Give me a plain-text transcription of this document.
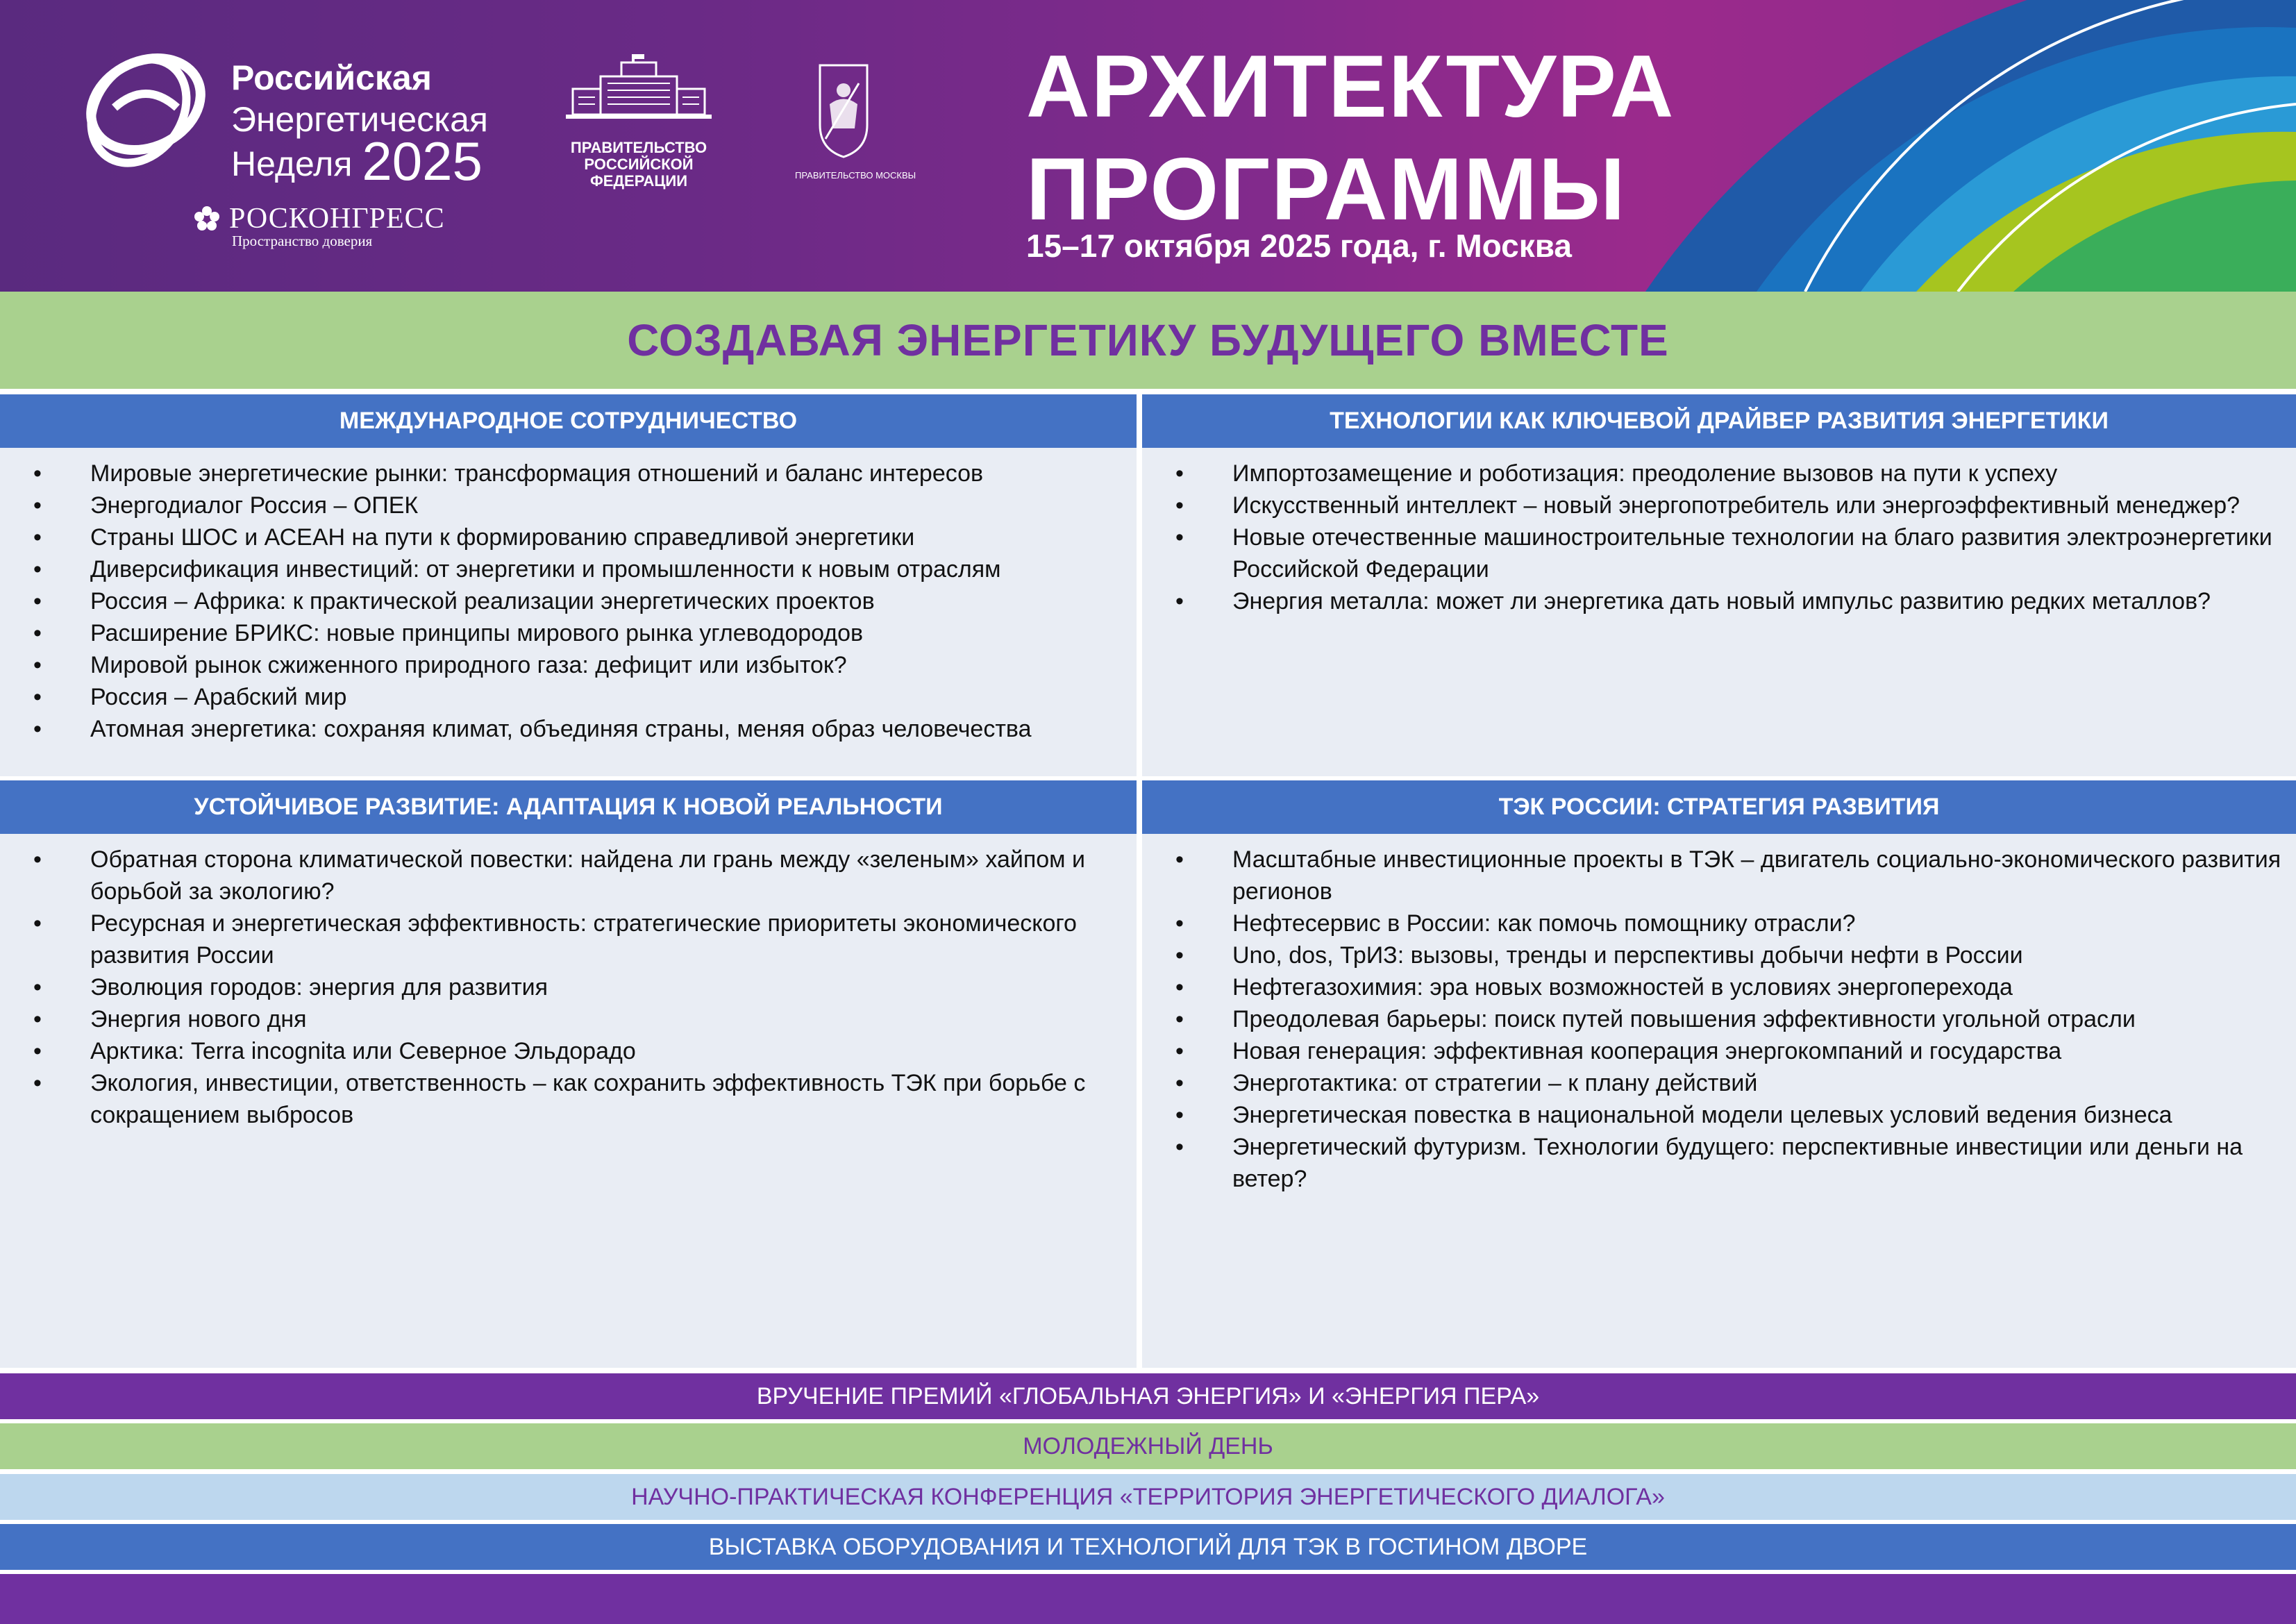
Российская
Энергетическая
Неделя 2025
РОСКОНГРЕСС
Пространство доверия
ПРАВИТЕЛЬСТВО
РОССИЙСКОЙ
ФЕДЕРАЦИИ	ПРАВИТЕЛЬСТВО МОСКВЫ
АРХИТЕКТУРА
ПРОГРАММЫ
15–17 октября 2025 года, г. Москва
СОЗДАВАЯ ЭНЕРГЕТИКУ БУДУЩЕГО ВМЕСТЕ
МЕЖДУНАРОДНОЕ СОТРУДНИЧЕСТВО
• Мировые энергетические рынки: трансформация отношений и баланс интересов
• Энергодиалог Россия – ОПЕК
• Страны ШОС и АСЕАН на пути к формированию справедливой энергетики
• Диверсификация инвестиций: от энергетики и промышленности к новым отраслям
• Россия – Африка: к практической реализации энергетических проектов
• Расширение БРИКС: новые принципы мирового рынка углеводородов
• Мировой рынок сжиженного природного газа: дефицит или избыток?
• Россия – Арабский мир
• Атомная энергетика: сохраняя климат, объединяя страны, меняя образ человечества
ТЕХНОЛОГИИ КАК КЛЮЧЕВОЙ ДРАЙВЕР РАЗВИТИЯ ЭНЕРГЕТИКИ
• Импортозамещение и роботизация: преодоление вызовов на пути к успеху
• Искусственный интеллект – новый энергопотребитель или энергоэффективный менеджер?
• Новые отечественные машиностроительные технологии на благо развития электроэнергетики Российской Федерации
• Энергия металла: может ли энергетика дать новый импульс развитию редких металлов?
УСТОЙЧИВОЕ РАЗВИТИЕ: АДАПТАЦИЯ К НОВОЙ РЕАЛЬНОСТИ
• Обратная сторона климатической повестки: найдена ли грань между «зеленым» хайпом и борьбой за экологию?
• Ресурсная и энергетическая эффективность: стратегические приоритеты экономического развития России
• Эволюция городов: энергия для развития
• Энергия нового дня
• Арктика: Terra incognita или Северное Эльдорадо
• Экология, инвестиции, ответственность – как сохранить эффективность ТЭК при борьбе с сокращением выбросов
ТЭК РОССИИ: СТРАТЕГИЯ РАЗВИТИЯ
• Масштабные инвестиционные проекты в ТЭК – двигатель социально-экономического развития регионов
• Нефтесервис в России: как помочь помощнику отрасли?
• Uno, dos, ТрИЗ: вызовы, тренды и перспективы добычи нефти в России
• Нефтегазохимия: эра новых возможностей в условиях энергоперехода
• Преодолевая барьеры: поиск путей повышения эффективности угольной отрасли
• Новая генерация: эффективная кооперация энергокомпаний и государства
• Энерготактика: от стратегии – к плану действий
• Энергетическая повестка в национальной модели целевых условий ведения бизнеса
• Энергетический футуризм. Технологии будущего: перспективные инвестиции или деньги на ветер?
ВРУЧЕНИЕ ПРЕМИЙ «ГЛОБАЛЬНАЯ ЭНЕРГИЯ» И «ЭНЕРГИЯ ПЕРА»
МОЛОДЕЖНЫЙ ДЕНЬ
НАУЧНО-ПРАКТИЧЕСКАЯ КОНФЕРЕНЦИЯ «ТЕРРИТОРИЯ ЭНЕРГЕТИЧЕСКОГО ДИАЛОГА»
ВЫСТАВКА ОБОРУДОВАНИЯ И ТЕХНОЛОГИЙ ДЛЯ ТЭК В ГОСТИНОМ ДВОРЕ
